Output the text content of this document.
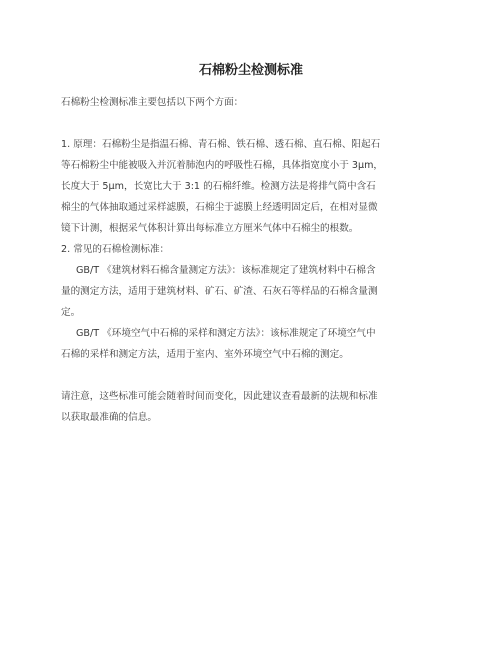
石棉粉尘检测标准
石棉粉尘检测标准主要包括以下两个方面：
1. 原理：石棉粉尘是指温石棉、青石棉、铁石棉、透石棉、直石棉、阳起石
等石棉粉尘中能被吸入并沉着肺泡内的呼吸性石棉，具体指宽度小于 3μm，
长度大于 5μm，长宽比大于 3:1 的石棉纤维。检测方法是将排气筒中含石
棉尘的气体抽取通过采样滤膜，石棉尘于滤膜上经透明固定后，在相对显微
镜下计测，根据采气体积计算出每标准立方厘米气体中石棉尘的根数。
2. 常见的石棉检测标准：
GB/T 《建筑材料石棉含量测定方法》：该标准规定了建筑材料中石棉含
量的测定方法，适用于建筑材料、矿石、矿渣、石灰石等样品的石棉含量测
定。
GB/T 《环境空气中石棉的采样和测定方法》：该标准规定了环境空气中
石棉的采样和测定方法，适用于室内、室外环境空气中石棉的测定。
请注意，这些标准可能会随着时间而变化，因此建议查看最新的法规和标准
以获取最准确的信息。
